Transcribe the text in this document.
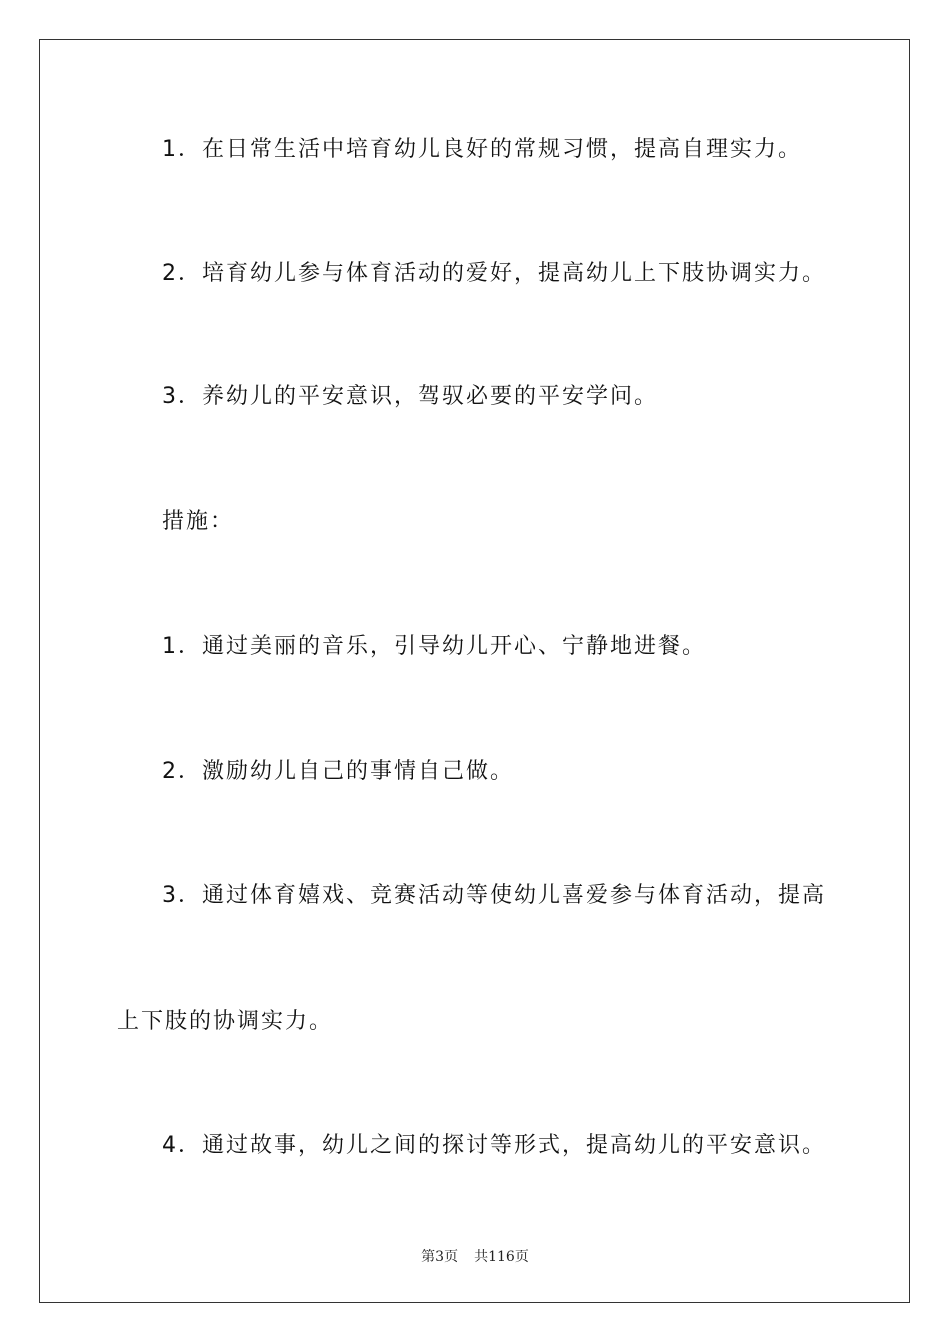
1．在日常生活中培育幼儿良好的常规习惯，提高自理实力。
2．培育幼儿参与体育活动的爱好，提高幼儿上下肢协调实力。
3．养幼儿的平安意识，驾驭必要的平安学问。
措施：
1．通过美丽的音乐，引导幼儿开心、宁静地进餐。
2．激励幼儿自己的事情自己做。
3．通过体育嬉戏、竞赛活动等使幼儿喜爱参与体育活动，提高
上下肢的协调实力。
4．通过故事，幼儿之间的探讨等形式，提高幼儿的平安意识。
第3页 共116页
